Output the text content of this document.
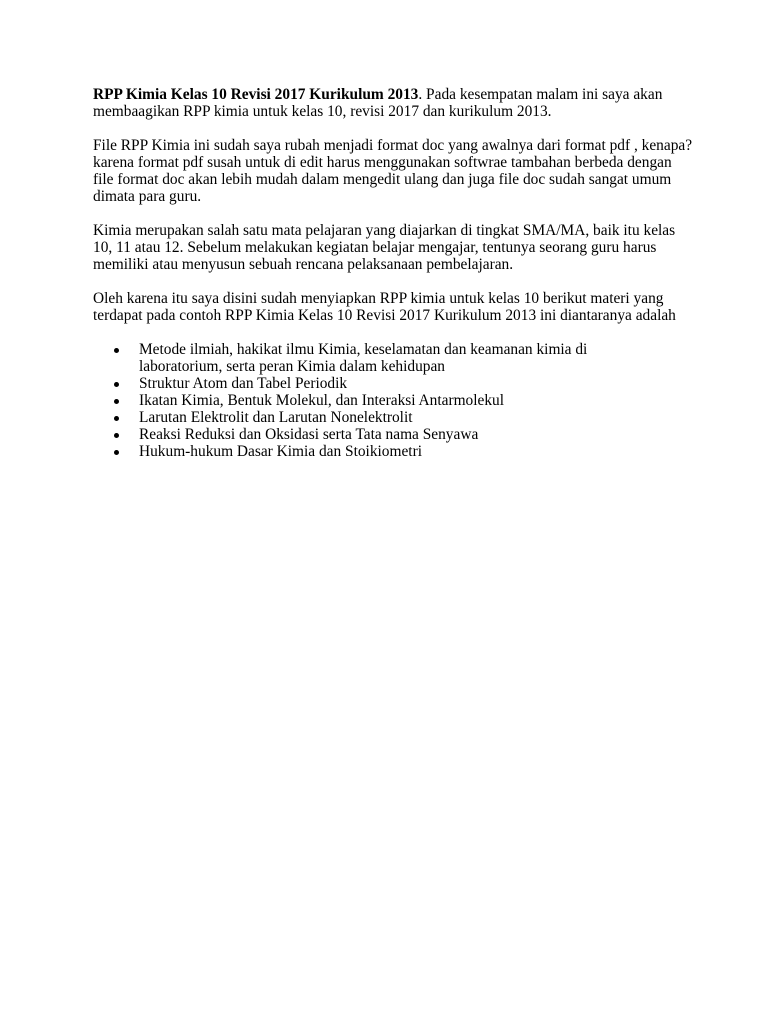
RPP Kimia Kelas 10 Revisi 2017 Kurikulum 2013. Pada kesempatan malam ini saya akan membaagikan RPP kimia untuk kelas 10, revisi 2017 dan kurikulum 2013.

File RPP Kimia ini sudah saya rubah menjadi format doc yang awalnya dari format pdf , kenapa? karena format pdf susah untuk di edit harus menggunakan softwrae tambahan berbeda dengan file format doc akan lebih mudah dalam mengedit ulang dan juga file doc sudah sangat umum dimata para guru.

Kimia merupakan salah satu mata pelajaran yang diajarkan di tingkat SMA/MA, baik itu kelas 10, 11 atau 12. Sebelum melakukan kegiatan belajar mengajar, tentunya seorang guru harus memiliki atau menyusun sebuah rencana pelaksanaan pembelajaran.

Oleh karena itu saya disini sudah menyiapkan RPP kimia untuk kelas 10 berikut materi yang terdapat pada contoh RPP Kimia Kelas 10 Revisi 2017 Kurikulum 2013 ini diantaranya adalah

Metode ilmiah, hakikat ilmu Kimia, keselamatan dan keamanan kimia di laboratorium, serta peran Kimia dalam kehidupan
Struktur Atom dan Tabel Periodik
Ikatan Kimia, Bentuk Molekul, dan Interaksi Antarmolekul
Larutan Elektrolit dan Larutan Nonelektrolit
Reaksi Reduksi dan Oksidasi serta Tata nama Senyawa
Hukum-hukum Dasar Kimia dan Stoikiometri
